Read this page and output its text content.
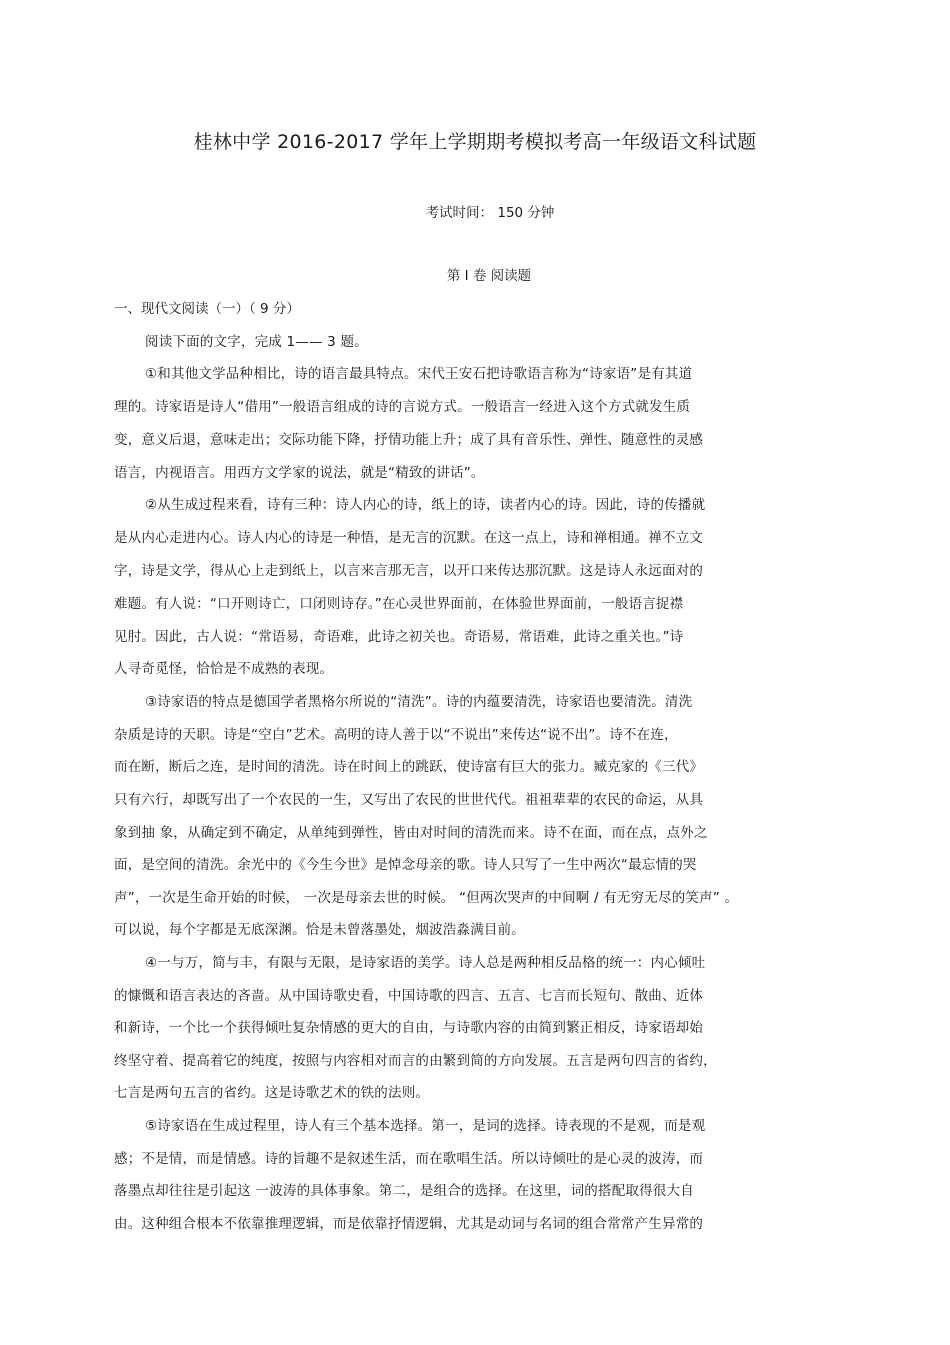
桂林中学 2016-2017 学年上学期期考模拟考高一年级语文科试题
考试时间： 150 分钟
第 I 卷 阅读题
一、现代文阅读（一）（ 9 分）
阅读下面的文字，完成 1—— 3 题。
①和其他文学品种相比，诗的语言最具特点。宋代王安石把诗歌语言称为“诗家语”是有其道
理的。诗家语是诗人“借用”一般语言组成的诗的言说方式。一般语言一经进入这个方式就发生质
变，意义后退，意味走出；交际功能下降，抒情功能上升；成了具有音乐性、弹性、随意性的灵感
语言，内视语言。用西方文学家的说法，就是“精致的讲话”。
②从生成过程来看，诗有三种：诗人内心的诗，纸上的诗，读者内心的诗。因此，诗的传播就
是从内心走进内心。诗人内心的诗是一种悟，是无言的沉默。在这一点上，诗和禅相通。禅不立文
字，诗是文学，得从心上走到纸上，以言来言那无言，以开口来传达那沉默。这是诗人永远面对的
难题。有人说：“口开则诗亡，口闭则诗存。”在心灵世界面前，在体验世界面前，一般语言捉襟
见肘。因此，古人说：“常语易，奇语难，此诗之初关也。奇语易，常语难，此诗之重关也。”诗
人寻奇觅怪，恰恰是不成熟的表现。
③诗家语的特点是德国学者黑格尔所说的“清洗”。诗的内蕴要清洗，诗家语也要清洗。清洗
杂质是诗的天职。诗是“空白”艺术。高明的诗人善于以“不说出”来传达“说不出”。诗不在连，
而在断，断后之连，是时间的清洗。诗在时间上的跳跃，使诗富有巨大的张力。臧克家的《三代》
只有六行，却既写出了一个农民的一生，又写出了农民的世世代代。祖祖辈辈的农民的命运，从具
象到抽 象，从确定到不确定，从单纯到弹性，皆由对时间的清洗而来。诗不在面，而在点，点外之
面，是空间的清洗。余光中的《今生今世》是悼念母亲的歌。诗人只写了一生中两次“最忘情的哭
声”，一次是生命开始的时候， 一次是母亲去世的时候。 “但两次哭声的中间啊 / 有无穷无尽的笑声” 。
可以说，每个字都是无底深渊。恰是未曾落墨处，烟波浩淼满目前。
④一与万，简与丰，有限与无限，是诗家语的美学。诗人总是两种相反品格的统一：内心倾吐
的慷慨和语言表达的吝啬。从中国诗歌史看，中国诗歌的四言、五言、七言而长短句、散曲、近体
和新诗，一个比一个获得倾吐复杂情感的更大的自由，与诗歌内容的由简到繁正相反，诗家语却始
终坚守着、提高着它的纯度，按照与内容相对而言的由繁到简的方向发展。五言是两句四言的省约，
七言是两句五言的省约。这是诗歌艺术的铁的法则。
⑤诗家语在生成过程里，诗人有三个基本选择。第一，是词的选择。诗表现的不是观，而是观
感；不是情，而是情感。诗的旨趣不是叙述生活，而在歌唱生活。所以诗倾吐的是心灵的波涛，而
落墨点却往往是引起这 一波涛的具体事象。第二，是组合的选择。在这里，词的搭配取得很大自
由。这种组合根本不依靠推理逻辑，而是依靠抒情逻辑，尤其是动词与名词的组合常常产生异常的
